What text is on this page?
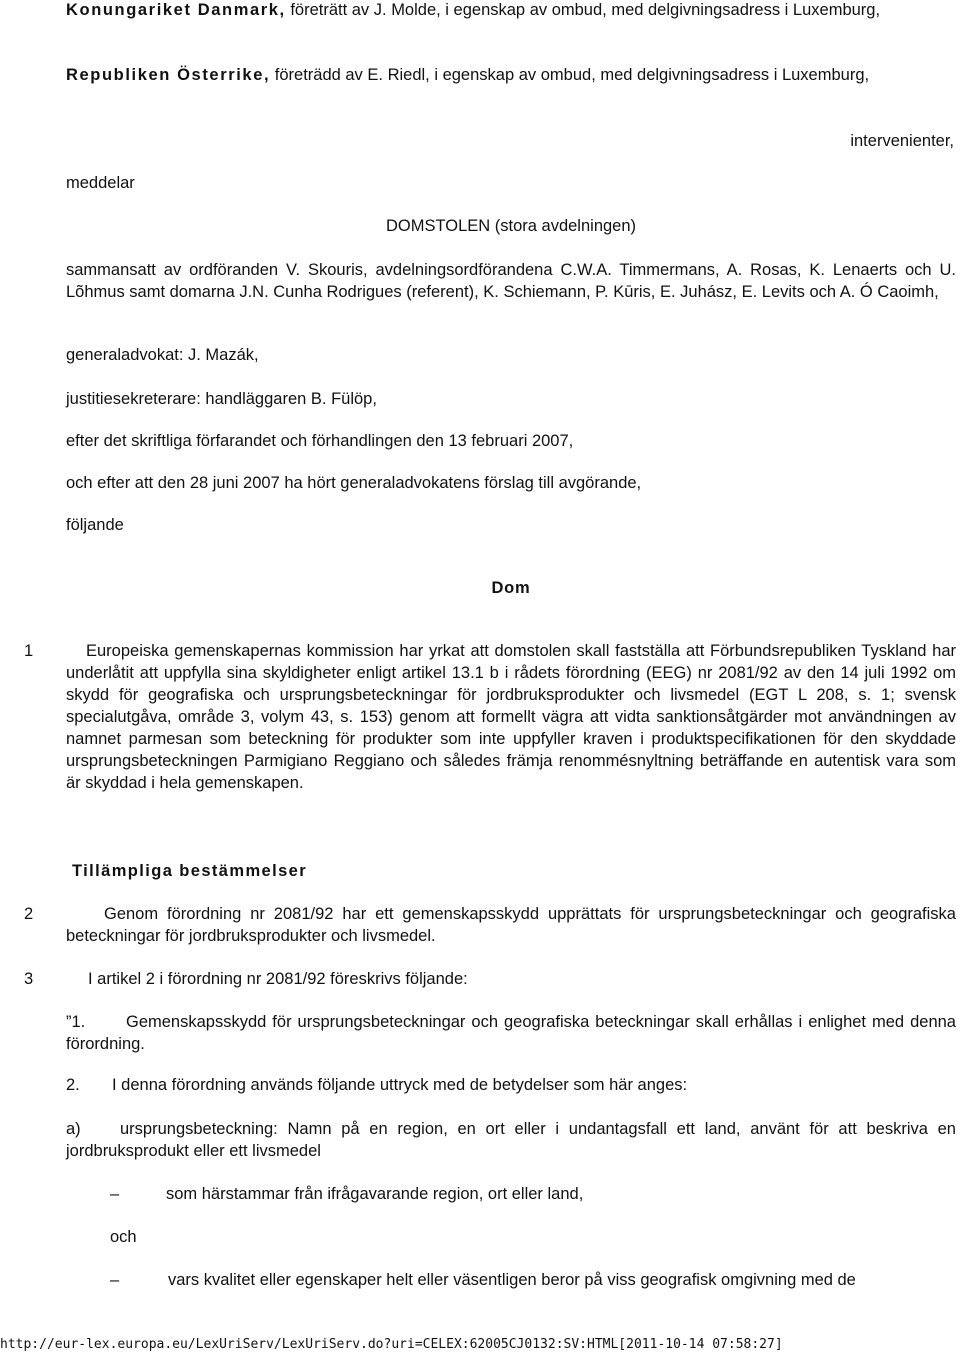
Konungariket Danmark, företrätt av J. Molde, i egenskap av ombud, med delgivningsadress i Luxemburg,
Republiken Österrike, företrädd av E. Riedl, i egenskap av ombud, med delgivningsadress i Luxemburg,
intervenienter,
meddelar
DOMSTOLEN (stora avdelningen)
sammansatt av ordföranden V. Skouris, avdelningsordförandena C.W.A. Timmermans, A. Rosas, K. Lenaerts och U. Lõhmus samt domarna J.N. Cunha Rodrigues (referent), K. Schiemann, P. Kūris, E. Juhász, E. Levits och A. Ó Caoimh,
generaladvokat: J. Mazák,
justitiesekreterare: handläggaren B. Fülöp,
efter det skriftliga förfarandet och förhandlingen den 13 februari 2007,
och efter att den 28 juni 2007 ha hört generaladvokatens förslag till avgörande,
följande
Dom
1	Europeiska gemenskapernas kommission har yrkat att domstolen skall fastställa att Förbundsrepubliken Tyskland har underlåtit att uppfylla sina skyldigheter enligt artikel 13.1 b i rådets förordning (EEG) nr 2081/92 av den 14 juli 1992 om skydd för geografiska och ursprungsbeteckningar för jordbruksprodukter och livsmedel (EGT L 208, s. 1; svensk specialutgåva, område 3, volym 43, s. 153) genom att formellt vägra att vidta sanktionsåtgärder mot användningen av namnet parmesan som beteckning för produkter som inte uppfyller kraven i produktspecifikationen för den skyddade ursprungsbeteckningen Parmigiano Reggiano och således främja renommésnyltning beträffande en autentisk vara som är skyddad i hela gemenskapen.
Tillämpliga bestämmelser
2	Genom förordning nr 2081/92 har ett gemenskapsskydd upprättats för ursprungsbeteckningar och geografiska beteckningar för jordbruksprodukter och livsmedel.
3	I artikel 2 i förordning nr 2081/92 föreskrivs följande:
”1. Gemenskapsskydd för ursprungsbeteckningar och geografiska beteckningar skall erhållas i enlighet med denna förordning.
2. I denna förordning används följande uttryck med de betydelser som här anges:
a) ursprungsbeteckning: Namn på en region, en ort eller i undantagsfall ett land, använt för att beskriva en jordbruksprodukt eller ett livsmedel
–	som härstammar från ifrågavarande region, ort eller land,
och
–	vars kvalitet eller egenskaper helt eller väsentligen beror på viss geografisk omgivning med de
http://eur-lex.europa.eu/LexUriServ/LexUriServ.do?uri=CELEX:62005CJ0132:SV:HTML[2011-10-14 07:58:27]
